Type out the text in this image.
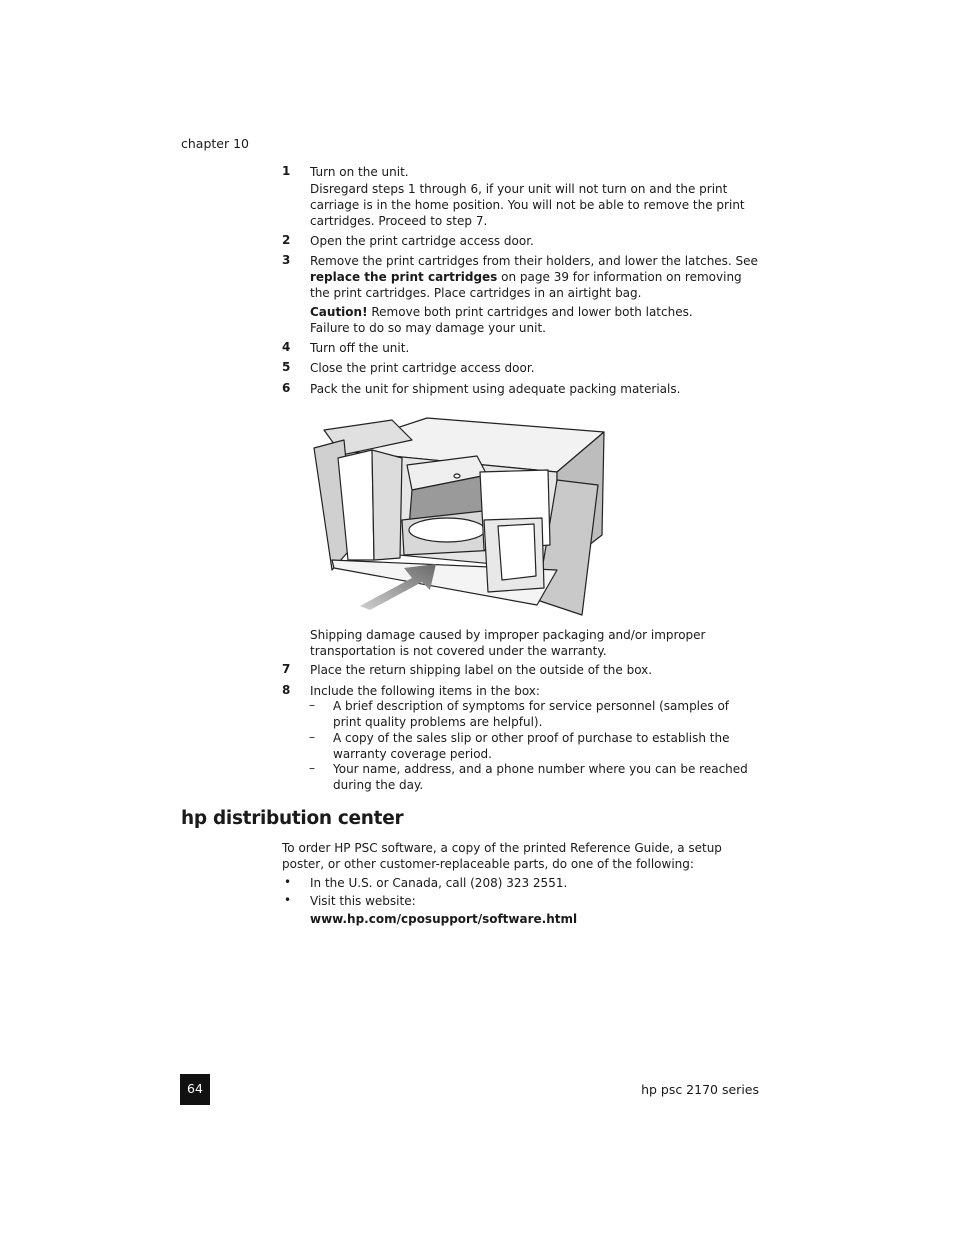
chapter 10
1 Turn on the unit.
Disregard steps 1 through 6, if your unit will not turn on and the print carriage is in the home position. You will not be able to remove the print cartridges. Proceed to step 7.
2 Open the print cartridge access door.
3 Remove the print cartridges from their holders, and lower the latches. See replace the print cartridges on page 39 for information on removing the print cartridges. Place cartridges in an airtight bag.
Caution! Remove both print cartridges and lower both latches. Failure to do so may damage your unit.
4 Turn off the unit.
5 Close the print cartridge access door.
6 Pack the unit for shipment using adequate packing materials.
Shipping damage caused by improper packaging and/or improper transportation is not covered under the warranty.
7 Place the return shipping label on the outside of the box.
8 Include the following items in the box:
– A brief description of symptoms for service personnel (samples of print quality problems are helpful).
– A copy of the sales slip or other proof of purchase to establish the warranty coverage period.
– Your name, address, and a phone number where you can be reached during the day.
hp distribution center
To order HP PSC software, a copy of the printed Reference Guide, a setup poster, or other customer-replaceable parts, do one of the following:
• In the U.S. or Canada, call (208) 323 2551.
• Visit this website:
www.hp.com/cposupport/software.html
64	hp psc 2170 series
